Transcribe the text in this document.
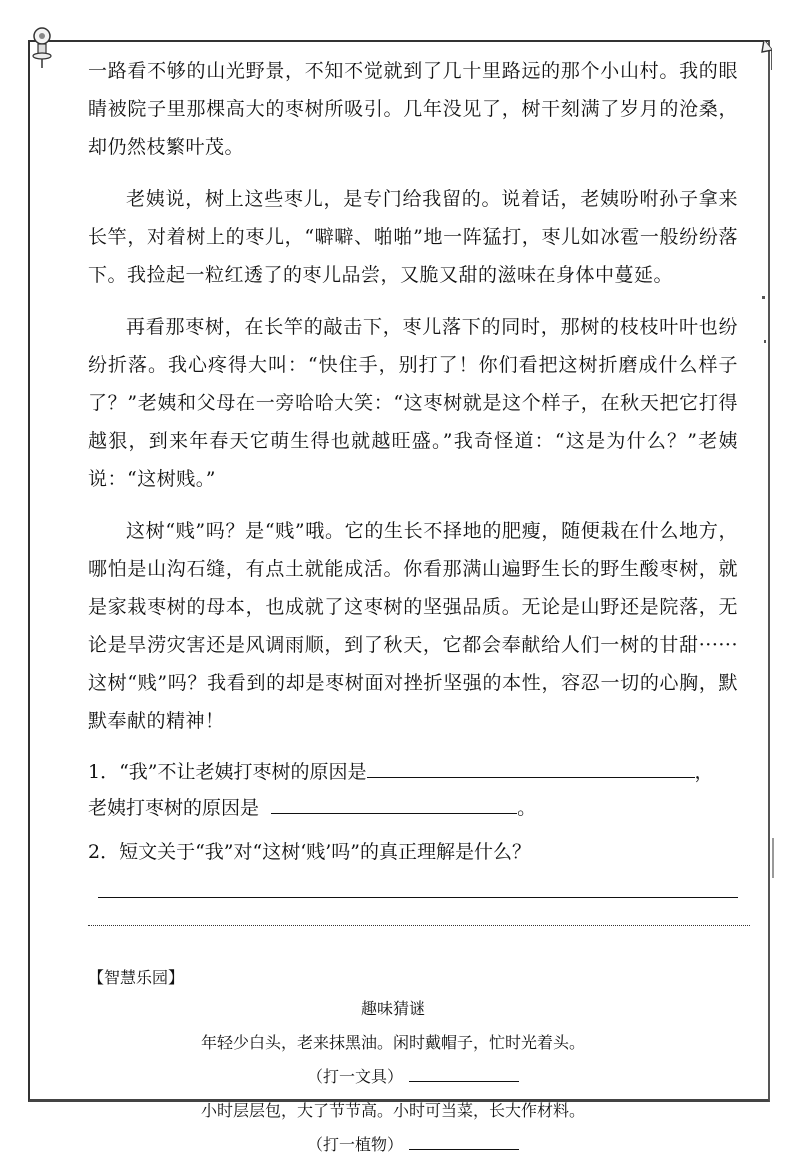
一路看不够的山光野景，不知不觉就到了几十里路远的那个小山村。我的眼睛被院子里那棵高大的枣树所吸引。几年没见了，树干刻满了岁月的沧桑，却仍然枝繁叶茂。

老姨说，树上这些枣儿，是专门给我留的。说着话，老姨吩咐孙子拿来长竿，对着树上的枣儿，“噼噼、啪啪”地一阵猛打，枣儿如冰雹一般纷纷落下。我捡起一粒红透了的枣儿品尝，又脆又甜的滋味在身体中蔓延。

再看那枣树，在长竿的敲击下，枣儿落下的同时，那树的枝枝叶叶也纷纷折落。我心疼得大叫：“快住手，别打了！你们看把这树折磨成什么样子了？”老姨和父母在一旁哈哈大笑：“这枣树就是这个样子，在秋天把它打得越狠，到来年春天它萌生得也就越旺盛。”我奇怪道：“这是为什么？”老姨说：“这树贱。”

这树“贱”吗？是“贱”哦。它的生长不择地的肥瘦，随便栽在什么地方，哪怕是山沟石缝，有点土就能成活。你看那满山遍野生长的野生酸枣树，就是家栽枣树的母本，也成就了这枣树的坚强品质。无论是山野还是院落，无论是旱涝灾害还是风调雨顺，到了秋天，它都会奉献给人们一树的甘甜······这树“贱”吗？我看到的却是枣树面对挫折坚强的本性，容忍一切的心胸，默默奉献的精神！

1．“我”不让老姨打枣树的原因是	，

老姨打枣树的原因是	。

2．短文关于“我”对“这树‘贱’吗”的真正理解是什么？

【智慧乐园】
趣味猜谜
年轻少白头，老来抹黑油。闲时戴帽子，忙时光着头。
（打一文具）
小时层层包，大了节节高。小时可当菜，长大作材料。
（打一植物）
